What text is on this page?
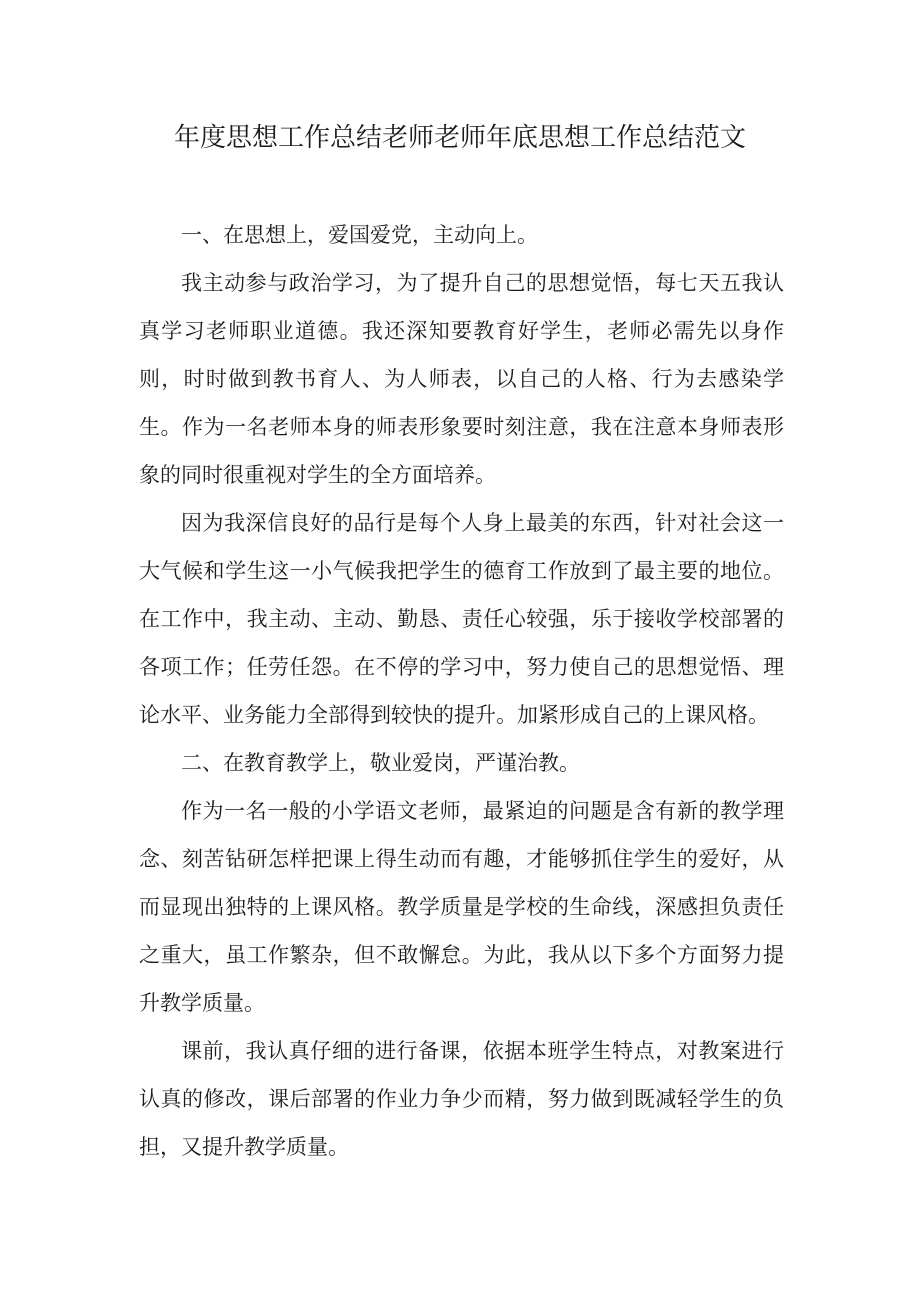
年度思想工作总结老师老师年底思想工作总结范文

一、在思想上，爱国爱党，主动向上。

我主动参与政治学习，为了提升自己的思想觉悟，每七天五我认真学习老师职业道德。我还深知要教育好学生，老师必需先以身作则，时时做到教书育人、为人师表，以自己的人格、行为去感染学生。作为一名老师本身的师表形象要时刻注意，我在注意本身师表形象的同时很重视对学生的全方面培养。

因为我深信良好的品行是每个人身上最美的东西，针对社会这一大气候和学生这一小气候我把学生的德育工作放到了最主要的地位。在工作中，我主动、主动、勤恳、责任心较强，乐于接收学校部署的各项工作；任劳任怨。在不停的学习中，努力使自己的思想觉悟、理论水平、业务能力全部得到较快的提升。加紧形成自己的上课风格。

二、在教育教学上，敬业爱岗，严谨治教。

作为一名一般的小学语文老师，最紧迫的问题是含有新的教学理念、刻苦钻研怎样把课上得生动而有趣，才能够抓住学生的爱好，从而显现出独特的上课风格。教学质量是学校的生命线，深感担负责任之重大，虽工作繁杂，但不敢懈怠。为此，我从以下多个方面努力提升教学质量。

课前，我认真仔细的进行备课，依据本班学生特点，对教案进行认真的修改，课后部署的作业力争少而精，努力做到既减轻学生的负担，又提升教学质量。
